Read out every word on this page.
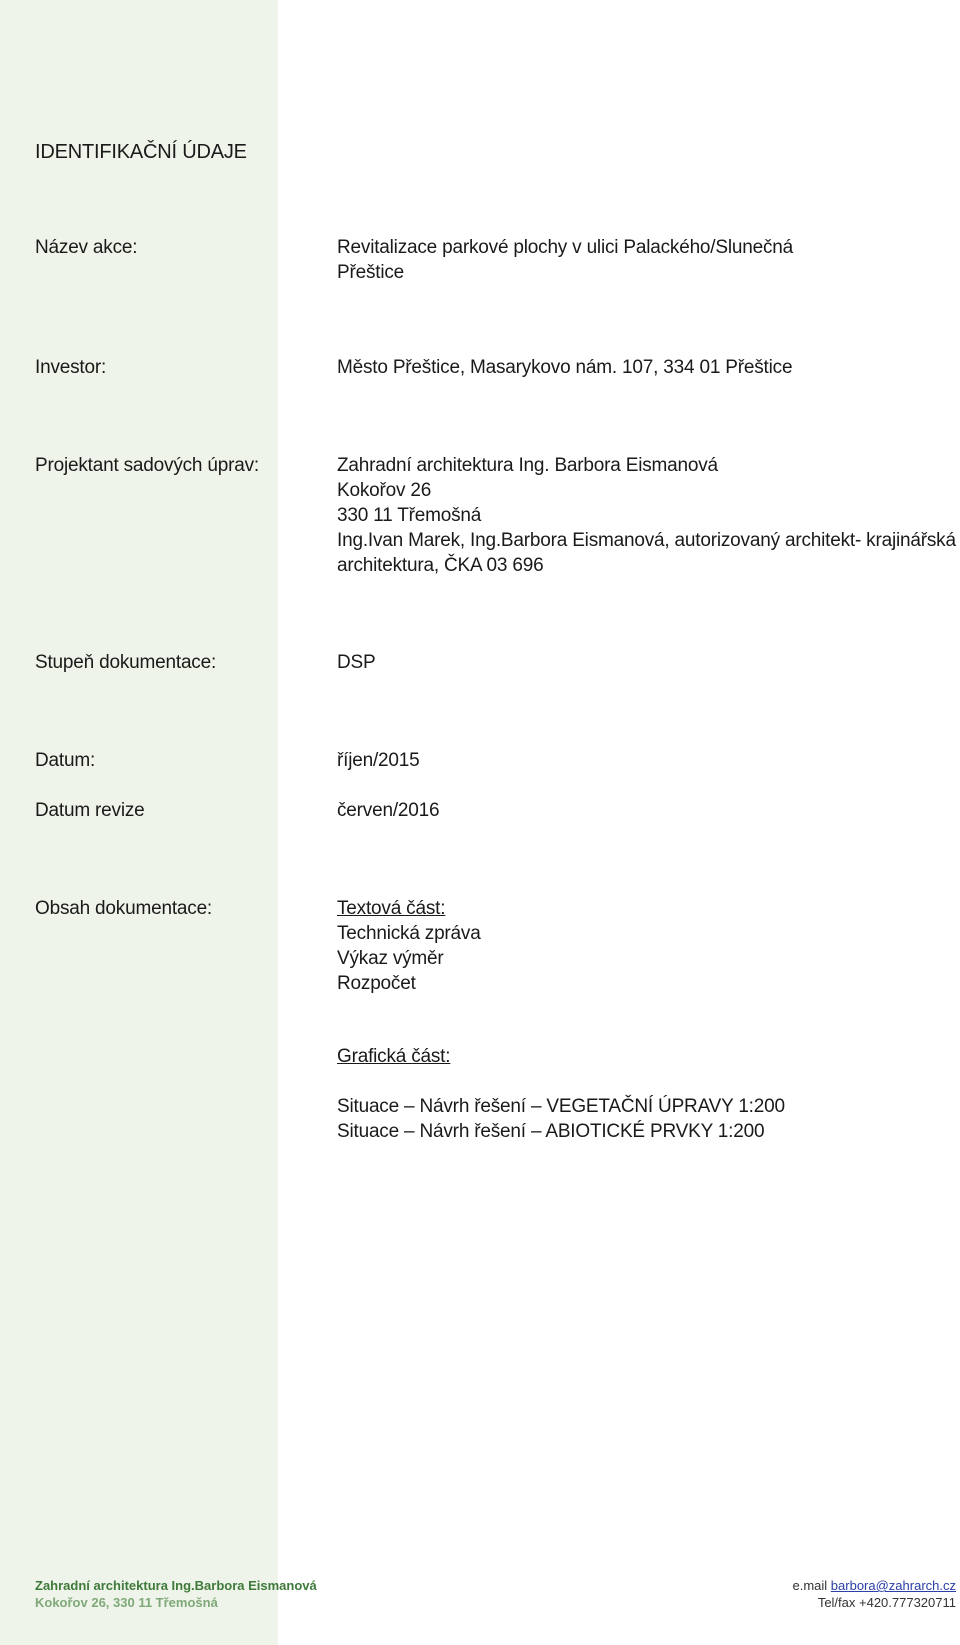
IDENTIFIKAČNÍ ÚDAJE
Název akce:	Revitalizace parkové plochy v ulici Palackého/Slunečná
Přeštice
Investor:	Město Přeštice, Masarykovo nám. 107, 334 01 Přeštice
Projektant sadových úprav:	Zahradní architektura Ing. Barbora Eismanová
Kokořov 26
330 11 Třemošná
Ing.Ivan Marek, Ing.Barbora Eismanová, autorizovaný architekt- krajinářská
architektura, ČKA 03 696
Stupeň dokumentace:	DSP
Datum:	říjen/2015
Datum revize	červen/2016
Obsah dokumentace:	Textová část:
Technická zpráva
Výkaz výměr
Rozpočet
Grafická část:
Situace – Návrh řešení – VEGETAČNÍ ÚPRAVY 1:200
Situace – Návrh řešení – ABIOTICKÉ PRVKY 1:200
Zahradní architektura Ing.Barbora Eismanová
Kokořov 26, 330 11 Třemošná
e.mail barbora@zahrarch.cz
Tel/fax +420.777320711
